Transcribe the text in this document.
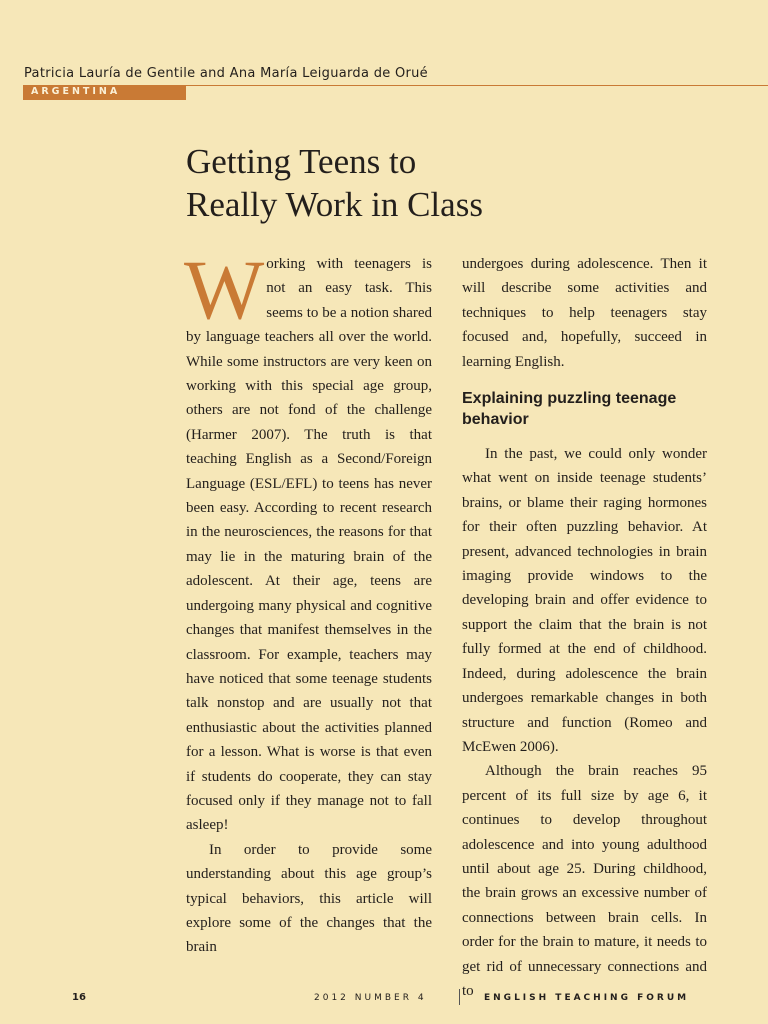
Patricia Lauría de Gentile and Ana María Leiguarda de Orué
ARGENTINA
Getting Teens to
Really Work in Class

Working with teenagers is not an easy task. This seems to be a notion shared by language teachers all over the world. While some instructors are very keen on working with this special age group, others are not fond of the challenge (Harmer 2007). The truth is that teaching English as a Second/Foreign Language (ESL/EFL) to teens has never been easy. According to recent research in the neurosciences, the reasons for that may lie in the maturing brain of the adolescent. At their age, teens are undergoing many physical and cognitive changes that manifest themselves in the classroom. For example, teachers may have noticed that some teenage students talk nonstop and are usually not that enthusiastic about the activities planned for a lesson. What is worse is that even if students do cooperate, they can stay focused only if they manage not to fall asleep!

In order to provide some understanding about this age group’s typical behaviors, this article will explore some of the changes that the brain

undergoes during adolescence. Then it will describe some activities and techniques to help teenagers stay focused and, hopefully, succeed in learning English.

Explaining puzzling teenage behavior

In the past, we could only wonder what went on inside teenage students’ brains, or blame their raging hormones for their often puzzling behavior. At present, advanced technologies in brain imaging provide windows to the developing brain and offer evidence to support the claim that the brain is not fully formed at the end of childhood. Indeed, during adolescence the brain undergoes remarkable changes in both structure and function (Romeo and McEwen 2006).

Although the brain reaches 95 percent of its full size by age 6, it continues to develop throughout adolescence and into young adulthood until about age 25. During childhood, the brain grows an excessive number of connections between brain cells. In order for the brain to mature, it needs to get rid of unnecessary connections and to

16	2012 NUMBER 4	ENGLISH TEACHING FORUM
